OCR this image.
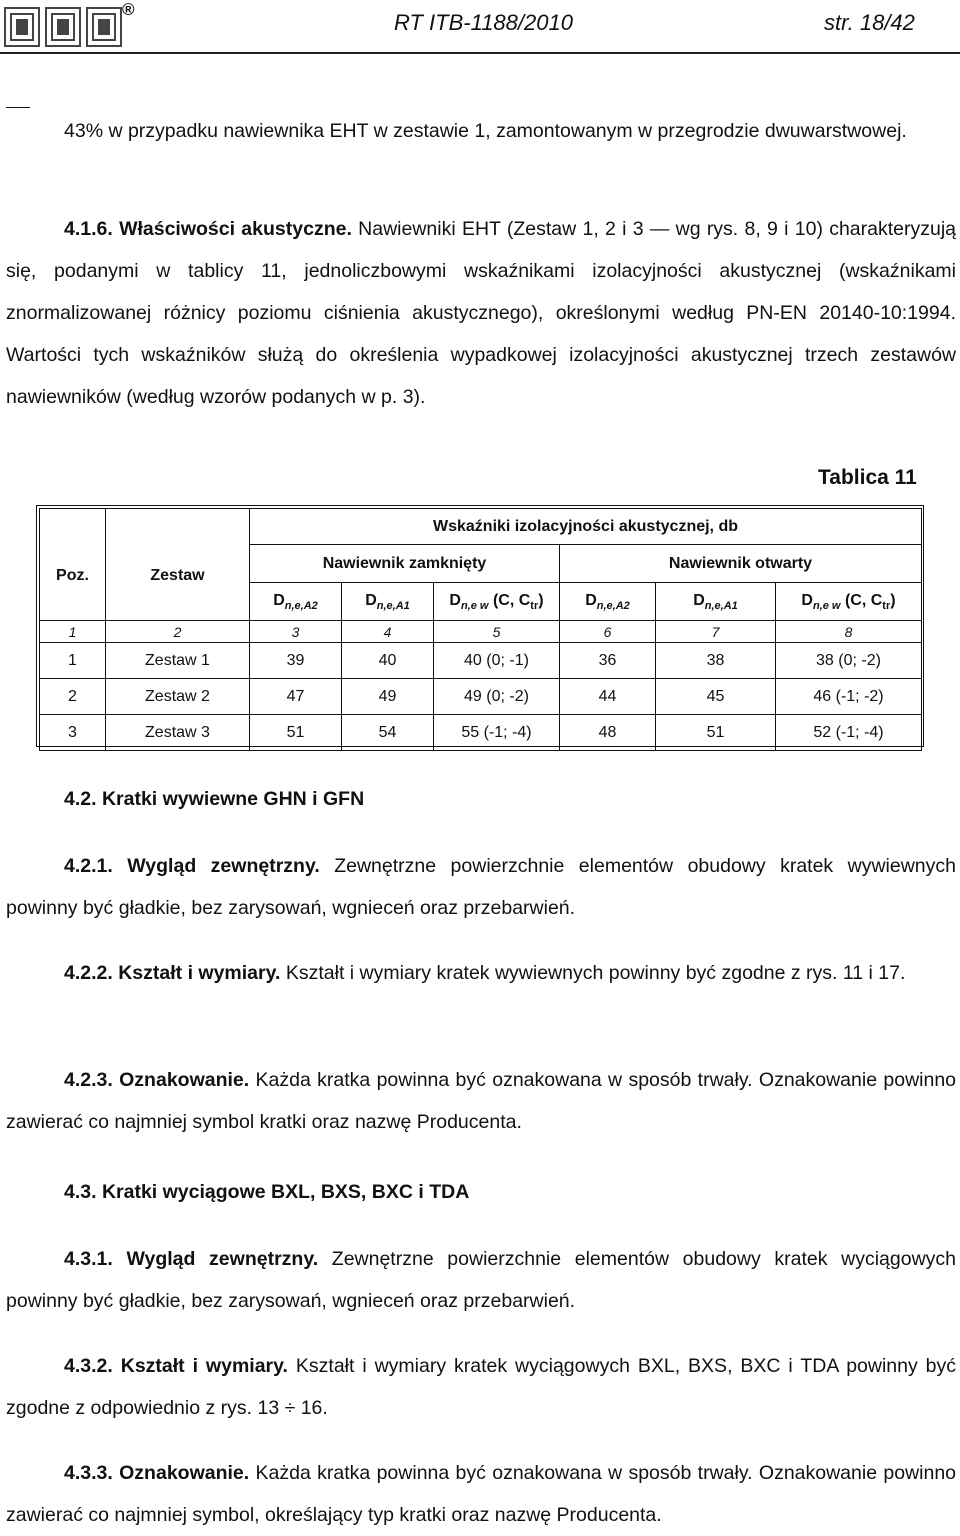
®
RT ITB-1188/2010	str. 18/42
43% w przypadku nawiewnika EHT w zestawie 1, zamontowanym w przegrodzie dwuwarstwowej.
4.1.6. Właściwości akustyczne. Nawiewniki EHT (Zestaw 1, 2 i 3 — wg rys. 8, 9 i 10) charakteryzują się, podanymi w tablicy 11, jednoliczbowymi wskaźnikami izolacyjności akustycznej (wskaźnikami znormalizowanej różnicy poziomu ciśnienia akustycznego), określonymi według PN-EN 20140-10:1994. Wartości tych wskaźników służą do określenia wypadkowej izolacyjności akustycznej trzech zestawów nawiewników (według wzorów podanych w p. 3).
Tablica 11
Poz.	Zestaw	Wskaźniki izolacyjności akustycznej, db					
		Nawiewnik zamknięty			Nawiewnik otwarty		
		$D_{n,e,A2}$	$D_{n,e,A1}$	$D_{n,e w}$ (C, $C_{tr}$)	$D_{n,e,A2}$	$D_{n,e,A1}$	$D_{n,e w}$ (C, $C_{tr}$)
1	2	3	4	5	6	7	8
1	Zestaw 1	39	40	40 (0; -1)	36	38	38 (0; -2)
2	Zestaw 2	47	49	49 (0; -2)	44	45	46 (-1; -2)
3	Zestaw 3	51	54	55 (-1; -4)	48	51	52 (-1; -4)
4.2. Kratki wywiewne GHN i GFN
4.2.1. Wygląd zewnętrzny. Zewnętrzne powierzchnie elementów obudowy kratek wywiewnych powinny być gładkie, bez zarysowań, wgnieceń oraz przebarwień.
4.2.2. Kształt i wymiary. Kształt i wymiary kratek wywiewnych powinny być zgodne z rys. 11 i 17.
4.2.3. Oznakowanie. Każda kratka powinna być oznakowana w sposób trwały. Oznakowanie powinno zawierać co najmniej symbol kratki oraz nazwę Producenta.
4.3. Kratki wyciągowe BXL, BXS, BXC i TDA
4.3.1. Wygląd zewnętrzny. Zewnętrzne powierzchnie elementów obudowy kratek wyciągowych powinny być gładkie, bez zarysowań, wgnieceń oraz przebarwień.
4.3.2. Kształt i wymiary. Kształt i wymiary kratek wyciągowych BXL, BXS, BXC i TDA powinny być zgodne z odpowiednio z rys. 13 ÷ 16.
4.3.3. Oznakowanie. Każda kratka powinna być oznakowana w sposób trwały. Oznakowanie powinno zawierać co najmniej symbol, określający typ kratki oraz nazwę Producenta.
